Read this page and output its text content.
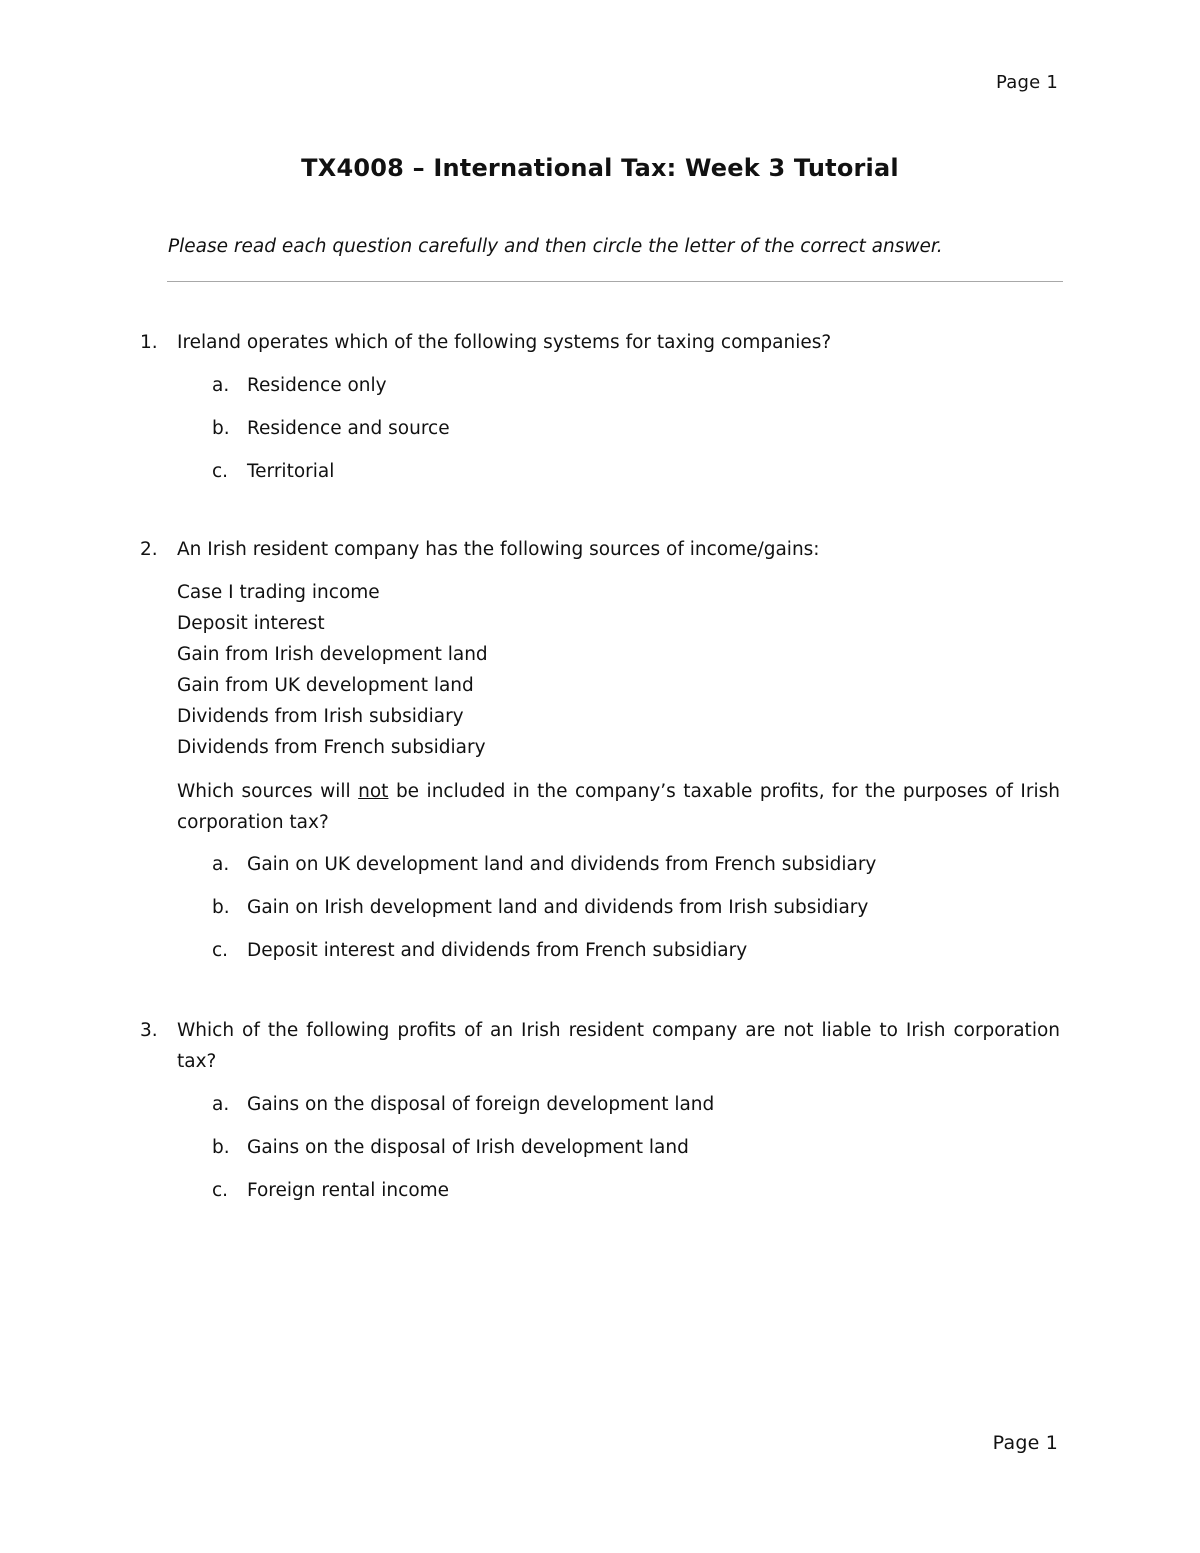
Page 1
TX4008 – International Tax: Week 3 Tutorial
Please read each question carefully and then circle the letter of the correct answer.
1.	Ireland operates which of the following systems for taxing companies?
a. Residence only
b. Residence and source
c.	Territorial
2.	An Irish resident company has the following sources of income/gains:
Case I trading income
Deposit interest
Gain from Irish development land
Gain from UK development land
Dividends from Irish subsidiary
Dividends from French subsidiary
Which sources will not be included in the company’s taxable profits, for the purposes of Irish corporation tax?
a. Gain on UK development land and dividends from French subsidiary
b. Gain on Irish development land and dividends from Irish subsidiary
c.	Deposit interest and dividends from French subsidiary
3.	Which of the following profits of an Irish resident company are not liable to Irish corporation tax?
a. Gains on the disposal of foreign development land
b. Gains on the disposal of Irish development land
c.	Foreign rental income
Page 1
